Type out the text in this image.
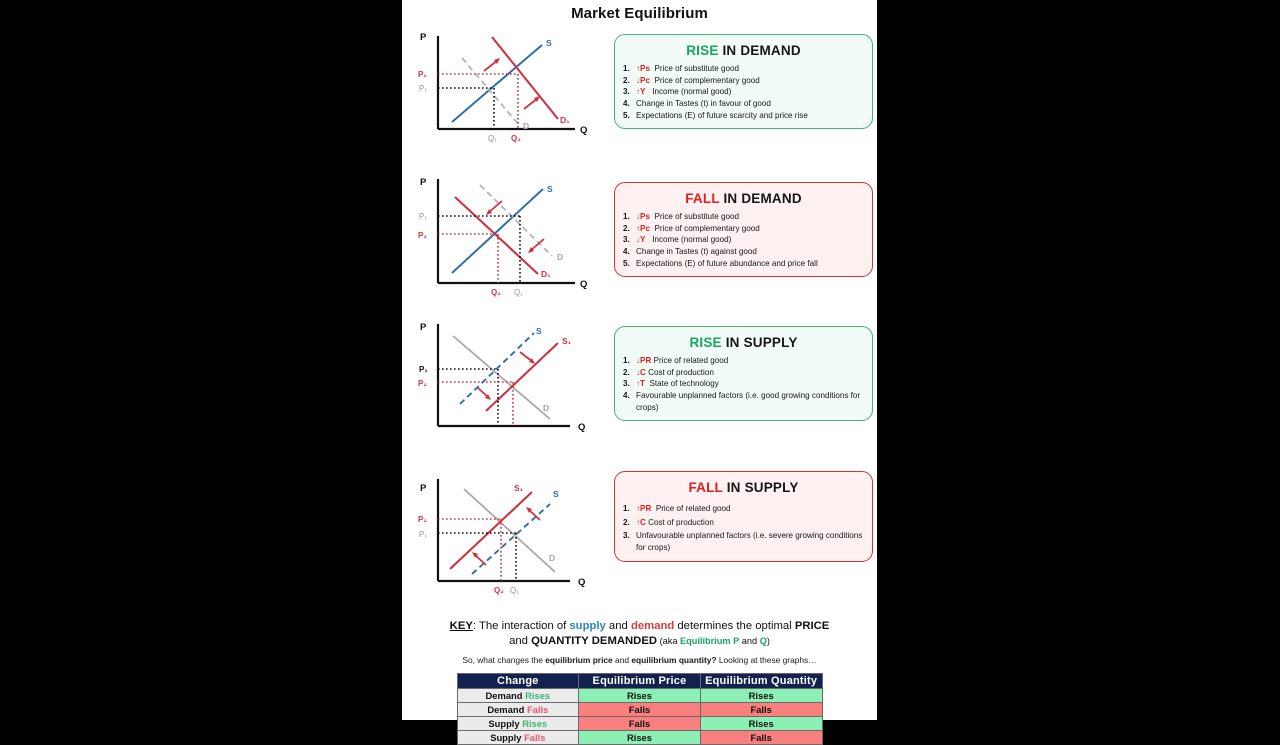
Market Equilibrium
P
Q
S
D
D₁
P₂
P₁
Q₁ Q₂
RISE IN DEMAND
1. ↑Ps Price of substitute good
2. ↓Pc Price of complementary good
3. ↑Y Income (normal good)
4. Change in Tastes (t) in favour of good
5. Expectations (E) of future scarcity and price rise
P
Q
S
D
D₁
P₁
P₂
Q₂ Q₁
FALL IN DEMAND
1. ↓Ps Price of substitute good
2. ↑Pc Price of complementary good
3. ↓Y Income (normal good)
4. Change in Tastes (t) against good
5. Expectations (E) of future abundance and price fall
P
Q
D
S
S₁
P₁
P₂
RISE IN SUPPLY
1. ↓PR Price of related good
2. ↓C Cost of production
3. ↑T State of technology
4. Favourable unplanned factors (i.e. good growing conditions for crops)
P
Q
D
S
S₁
P₂
P₁
Q₂ Q₁
FALL IN SUPPLY
1. ↑PR Price of related good
2. ↑C Cost of production
3. Unfavourable unplanned factors (i.e. severe growing conditions for crops)
KEY: The interaction of supply and demand determines the optimal PRICE
and QUANTITY DEMANDED (aka Equilibrium P and Q)
So, what changes the equilibrium price and equilibrium quantity? Looking at these graphs…
Change	Equilibrium Price	Equilibrium Quantity
Demand Rises	Rises	Rises
Demand Falls	Falls	Falls
Supply Rises	Falls	Rises
Supply Falls	Rises	Falls
